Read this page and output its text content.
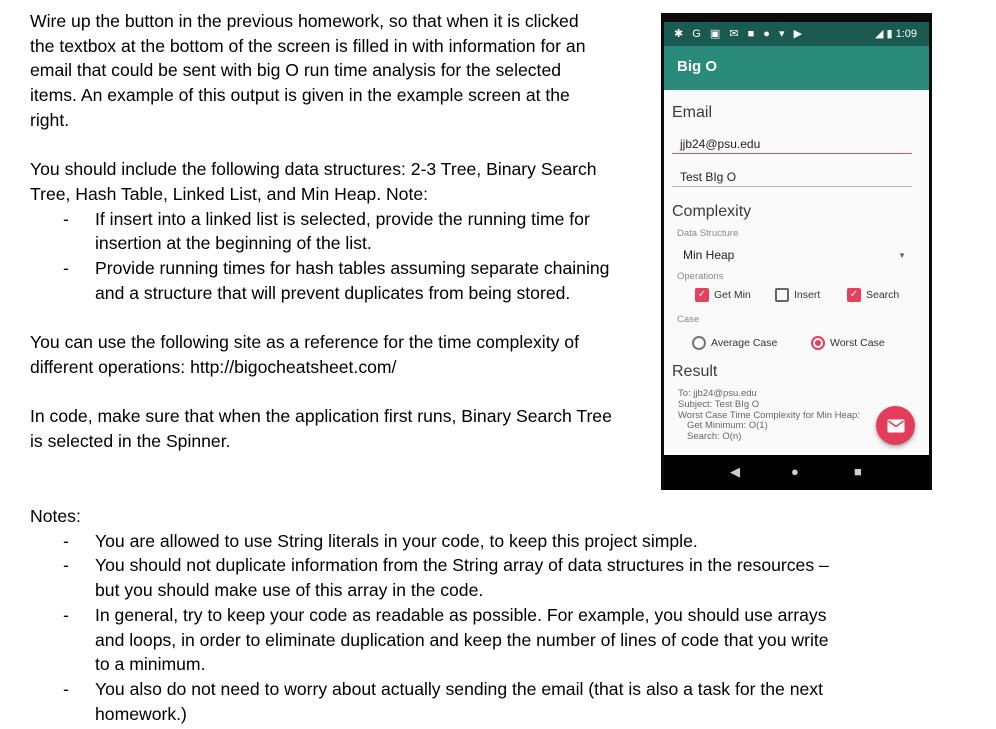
Wire up the button in the previous homework, so that when it is clicked

the textbox at the bottom of the screen is filled in with information for an

email that could be sent with big O run time analysis for the selected

items. An example of this output is given in the example screen at the

right.

You should include the following data structures: 2-3 Tree, Binary Search

Tree, Hash Table, Linked List, and Min Heap. Note:

- If insert into a linked list is selected, provide the running time for

insertion at the beginning of the list.

- Provide running times for hash tables assuming separate chaining

and a structure that will prevent duplicates from being stored.

You can use the following site as a reference for the time complexity of

different operations: http://bigocheatsheet.com/

In code, make sure that when the application first runs, Binary Search Tree

is selected in the Spinner.

✱ G ▣ ✉ ■ ● ▾ ▶	◢ ▮ 1:09
Big O
Email
jjb24@psu.edu
Test BIg O
Complexity
Data Structure
Min Heap	▼
Operations
✓ Get Min	Insert	✓ Search
Case
Average Case	Worst Case
Result
To: jjb24@psu.edu
Subject: Test BIg O
Worst Case Time Complexity for Min Heap:
Get Minimum: O(1)
Search: O(n)
◀	●	■

Notes:

- You are allowed to use String literals in your code, to keep this project simple.

- You should not duplicate information from the String array of data structures in the resources –

but you should make use of this array in the code.

- In general, try to keep your code as readable as possible. For example, you should use arrays

and loops, in order to eliminate duplication and keep the number of lines of code that you write

to a minimum.

- You also do not need to worry about actually sending the email (that is also a task for the next

homework.)
